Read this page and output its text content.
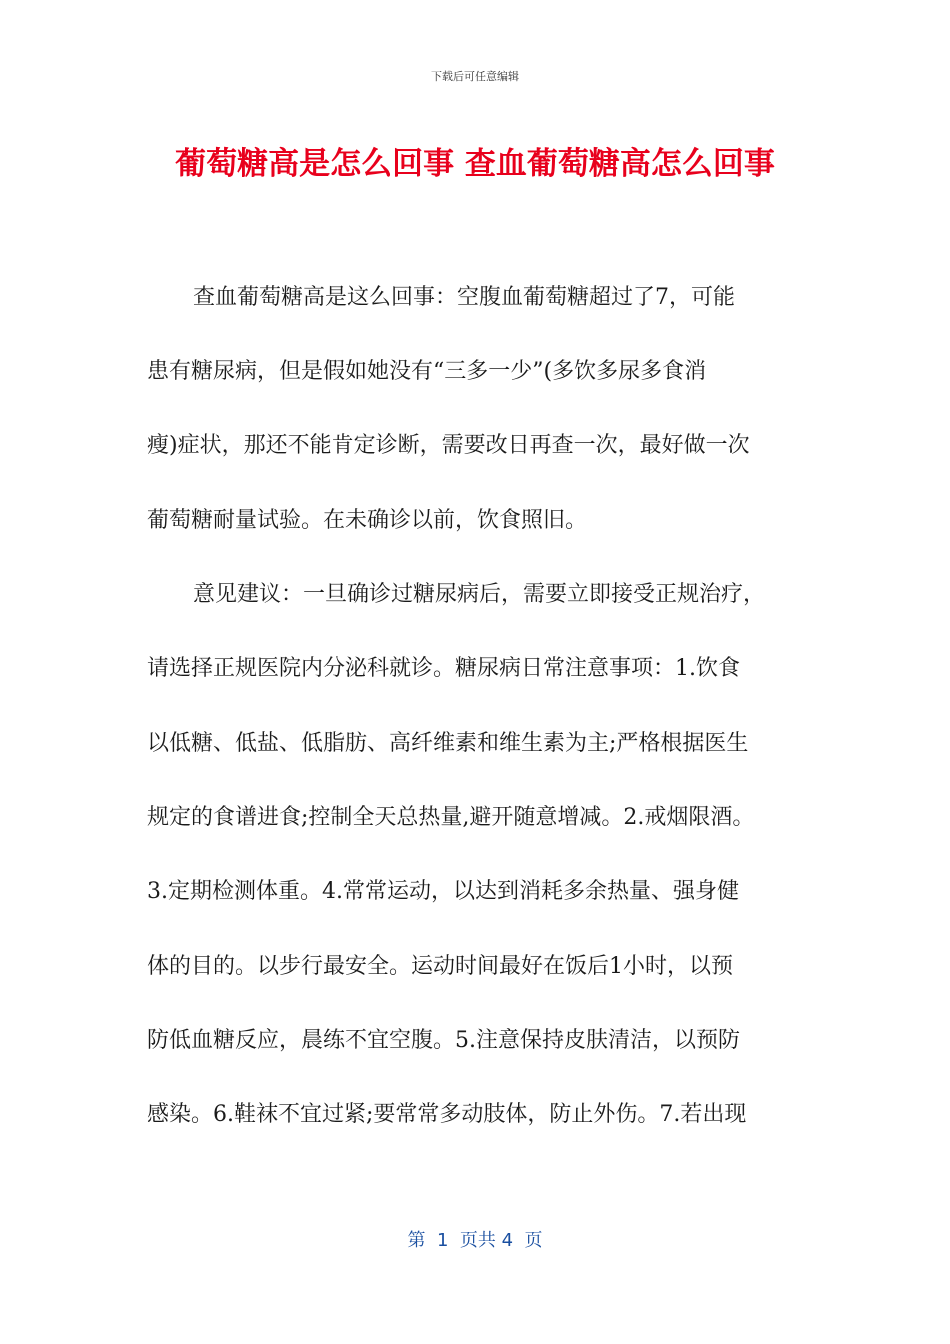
下载后可任意编辑
葡萄糖高是怎么回事 查血葡萄糖高怎么回事
查血葡萄糖高是这么回事：空腹血葡萄糖超过了7，可能
患有糖尿病，但是假如她没有“三多一少”(多饮多尿多食消
瘦)症状，那还不能肯定诊断，需要改日再查一次，最好做一次
葡萄糖耐量试验。在未确诊以前，饮食照旧。
意见建议：一旦确诊过糖尿病后，需要立即接受正规治疗，
请选择正规医院内分泌科就诊。糖尿病日常注意事项：1.饮食
以低糖、低盐、低脂肪、高纤维素和维生素为主;严格根据医生
规定的食谱进食;控制全天总热量,避开随意增减。2.戒烟限酒。
3.定期检测体重。4.常常运动，以达到消耗多余热量、强身健
体的目的。以步行最安全。运动时间最好在饭后1小时，以预
防低血糖反应，晨练不宜空腹。5.注意保持皮肤清洁，以预防
感染。6.鞋袜不宜过紧;要常常多动肢体，防止外伤。7.若出现
第  1  页共 4  页
